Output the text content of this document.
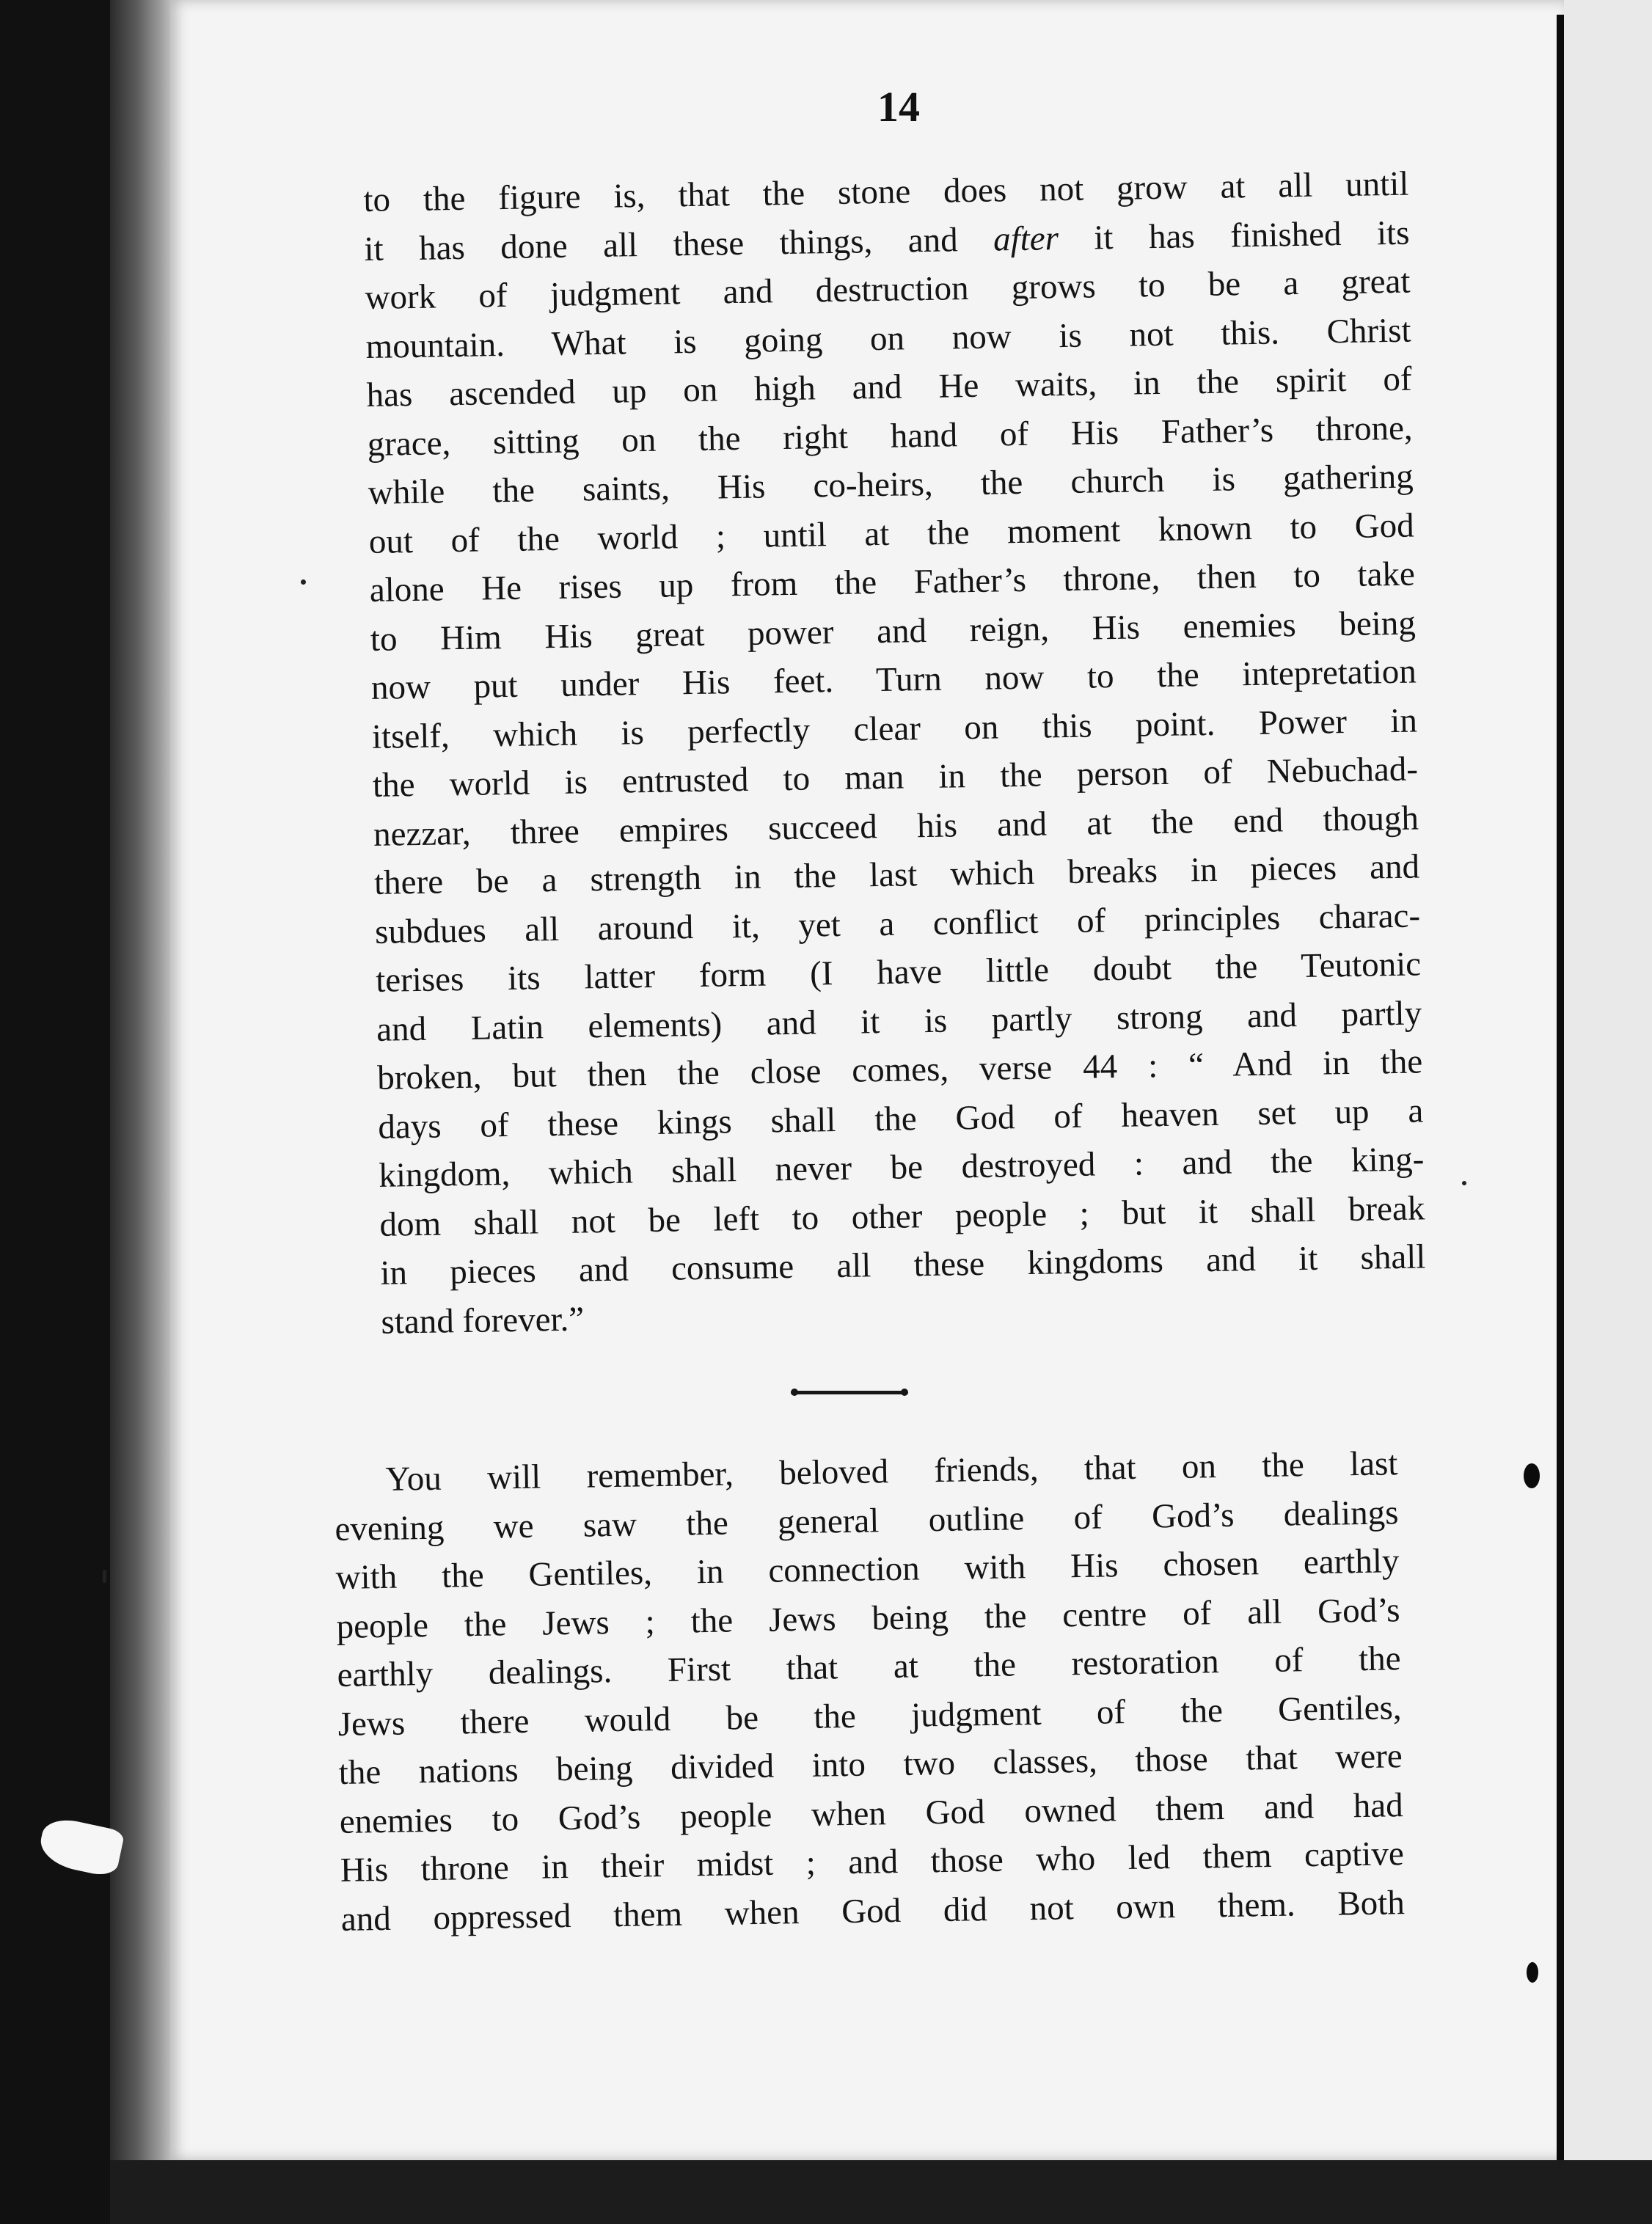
14
to the figure is, that the stone does not grow at all until
it has done all these things, and after it has finished its
work of judgment and destruction grows to be a great
mountain. What is going on now is not this. Christ
has ascended up on high and He waits, in the spirit of
grace, sitting on the right hand of His Father’s throne,
while the saints, His co-heirs, the church is gathering
out of the world ; until at the moment known to God
alone He rises up from the Father’s throne, then to take
to Him His great power and reign, His enemies being
now put under His feet. Turn now to the intepretation
itself, which is perfectly clear on this point. Power in
the world is entrusted to man in the person of Nebuchad-
nezzar, three empires succeed his and at the end though
there be a strength in the last which breaks in pieces and
subdues all around it, yet a conflict of principles charac-
terises its latter form (I have little doubt the Teutonic
and Latin elements) and it is partly strong and partly
broken, but then the close comes, verse 44 : “ And in the
days of these kings shall the God of heaven set up a
kingdom, which shall never be destroyed : and the king-
dom shall not be left to other people ; but it shall break
in pieces and consume all these kingdoms and it shall
stand forever.”
You will remember, beloved friends, that on the last
evening we saw the general outline of God’s dealings
with the Gentiles, in connection with His chosen earthly
people the Jews ; the Jews being the centre of all God’s
earthly dealings. First that at the restoration of the
Jews there would be the judgment of the Gentiles,
the nations being divided into two classes, those that were
enemies to God’s people when God owned them and had
His throne in their midst ; and those who led them captive
and oppressed them when God did not own them. Both
